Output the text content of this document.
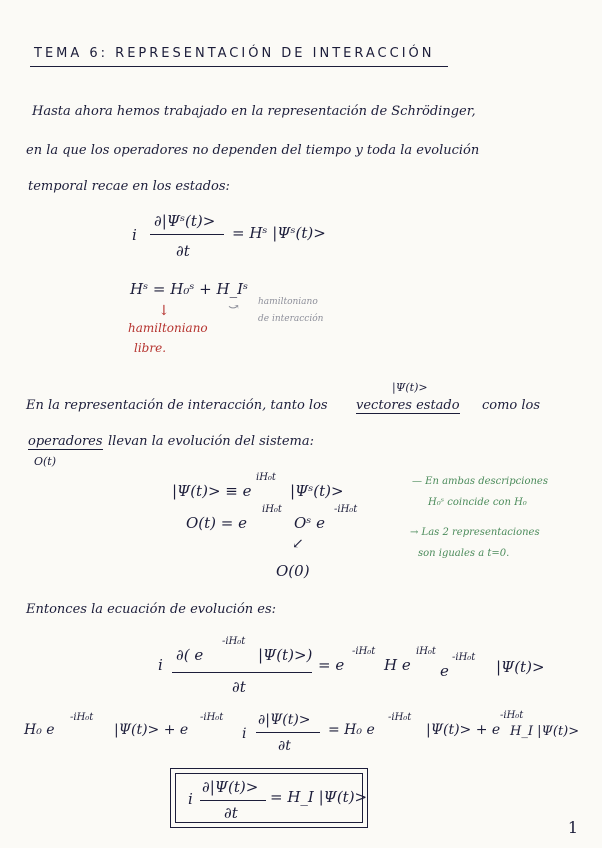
TEMA 6: REPRESENTACIÓN DE INTERACCIÓN
Hasta ahora hemos trabajado en la representación de Schrödinger,
en la que los operadores no dependen del tiempo y toda la evolución
temporal recae en los estados:
i
∂|Ψˢ(t)>
∂t
= Hˢ |Ψˢ(t)>
Hˢ = H₀ˢ + H_Iˢ
↓
hamiltoniano
libre.
⤻ hamiltoniano
de interacción
|Ψ(t)>
En la representación de interacción, tanto los vectores estado como los
operadores llevan la evolución del sistema:
O(t)
|Ψ(t)> ≡ e
iH₀t
|Ψˢ(t)>
O(t) = e
iH₀t
Oˢ e
-iH₀t
↙
O(0)
— En ambas descripciones
H₀ˢ coincide con H₀
→ Las 2 representaciones
son iguales a t=0.
Entonces la ecuación de evolución es:
i
∂( e
-iH₀t
|Ψ(t)>)
∂t
= e
-iH₀t
H e
iH₀t
e
-iH₀t
|Ψ(t)>
H₀ e
-iH₀t
|Ψ(t)> + e
-iH₀t
i
∂|Ψ(t)>
∂t
= H₀ e
-iH₀t
|Ψ(t)> + e
-iH₀t
H_I |Ψ(t)>
i
∂|Ψ(t)>
∂t
= H_I |Ψ(t)>
1
